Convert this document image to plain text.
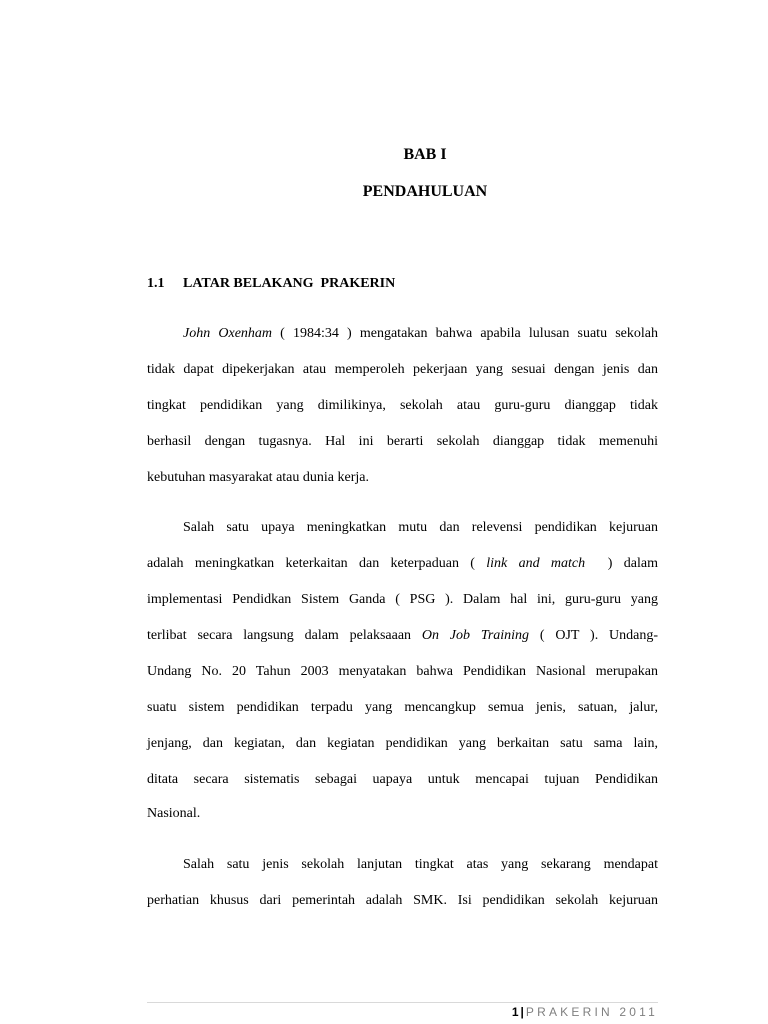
BAB I
PENDAHULUAN
1.1 LATAR BELAKANG  PRAKERIN
John Oxenham ( 1984:34 ) mengatakan bahwa apabila lulusan suatu sekolah
tidak dapat dipekerjakan atau memperoleh pekerjaan yang sesuai dengan jenis dan
tingkat pendidikan yang dimilikinya, sekolah atau guru-guru dianggap tidak
berhasil dengan tugasnya. Hal ini berarti sekolah dianggap tidak memenuhi
kebutuhan masyarakat atau dunia kerja.
Salah satu upaya meningkatkan mutu dan relevensi pendidikan kejuruan
adalah meningkatkan keterkaitan dan keterpaduan ( link and match  ) dalam
implementasi Pendidkan Sistem Ganda ( PSG ). Dalam hal ini, guru-guru yang
terlibat secara langsung dalam pelaksaaan On Job Training ( OJT ). Undang-
Undang No. 20 Tahun 2003 menyatakan bahwa Pendidikan Nasional merupakan
suatu sistem pendidikan terpadu yang mencangkup semua jenis, satuan, jalur,
jenjang, dan kegiatan, dan kegiatan pendidikan yang berkaitan satu sama lain,
ditata secara sistematis sebagai uapaya untuk mencapai tujuan Pendidikan
Nasional.
Salah satu jenis sekolah lanjutan tingkat atas yang sekarang mendapat
perhatian khusus dari pemerintah adalah SMK. Isi pendidikan sekolah kejuruan
1 | PRAKERIN 2011
